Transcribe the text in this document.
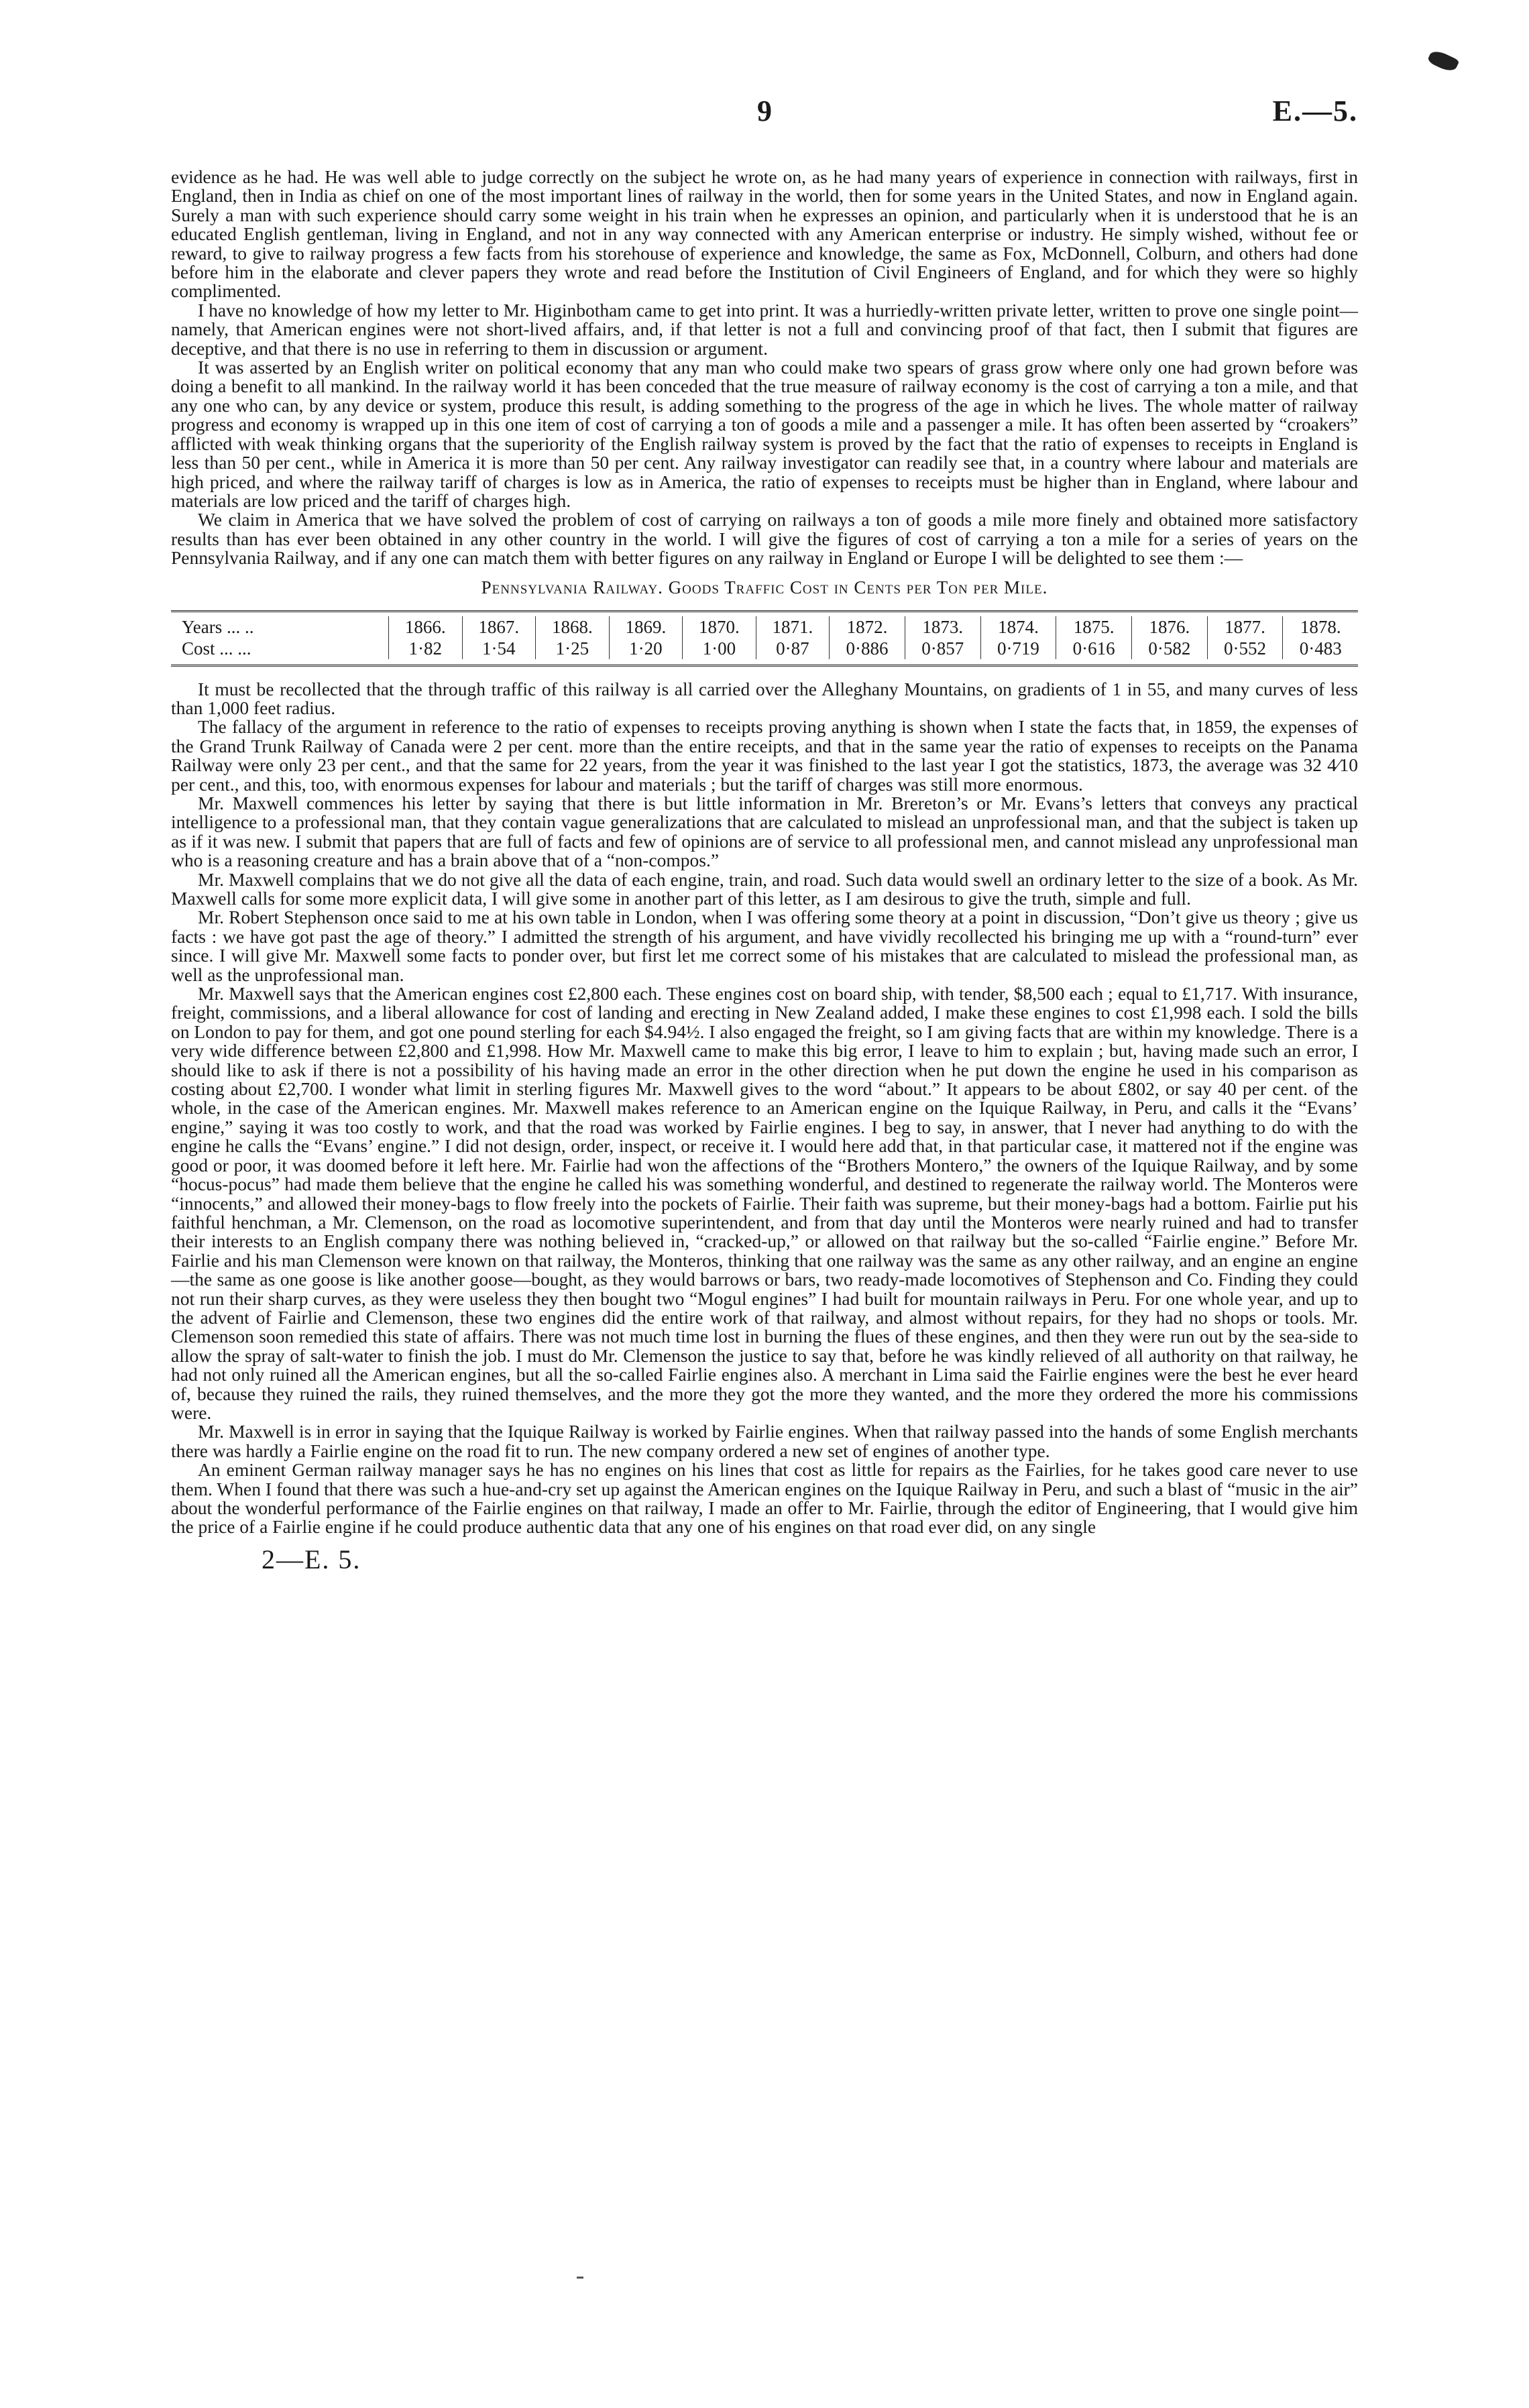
9	E.—5.

evidence as he had. He was well able to judge correctly on the subject he wrote on, as he had many years of experience in connection with railways, first in England, then in India as chief on one of the most important lines of railway in the world, then for some years in the United States, and now in England again. Surely a man with such experience should carry some weight in his train when he expresses an opinion, and particularly when it is understood that he is an educated English gentleman, living in England, and not in any way connected with any American enterprise or industry. He simply wished, without fee or reward, to give to railway progress a few facts from his storehouse of experience and knowledge, the same as Fox, McDonnell, Colburn, and others had done before him in the elaborate and clever papers they wrote and read before the Institution of Civil Engineers of England, and for which they were so highly complimented.

I have no knowledge of how my letter to Mr. Higinbotham came to get into print. It was a hurriedly-written private letter, written to prove one single point—namely, that American engines were not short-lived affairs, and, if that letter is not a full and convincing proof of that fact, then I submit that figures are deceptive, and that there is no use in referring to them in discussion or argument.

It was asserted by an English writer on political economy that any man who could make two spears of grass grow where only one had grown before was doing a benefit to all mankind. In the railway world it has been conceded that the true measure of railway economy is the cost of carrying a ton a mile, and that any one who can, by any device or system, produce this result, is adding something to the progress of the age in which he lives. The whole matter of railway progress and economy is wrapped up in this one item of cost of carrying a ton of goods a mile and a passenger a mile. It has often been asserted by “croakers” afflicted with weak thinking organs that the superiority of the English railway system is proved by the fact that the ratio of expenses to receipts in England is less than 50 per cent., while in America it is more than 50 per cent. Any railway investigator can readily see that, in a country where labour and materials are high priced, and where the railway tariff of charges is low as in America, the ratio of expenses to receipts must be higher than in England, where labour and materials are low priced and the tariff of charges high.

We claim in America that we have solved the problem of cost of carrying on railways a ton of goods a mile more finely and obtained more satisfactory results than has ever been obtained in any other country in the world. I will give the figures of cost of carrying a ton a mile for a series of years on the Pennsylvania Railway, and if any one can match them with better figures on any railway in England or Europe I will be delighted to see them :—

Pennsylvania Railway. Goods Traffic Cost in Cents per Ton per Mile.
Years ... ..	1866.	1867.	1868.	1869.	1870.	1871.	1872.	1873.	1874.	1875.	1876.	1877.	1878.
Cost ... ...	1·82	1·54	1·25	1·20	1·00	0·87	0·886	0·857	0·719	0·616	0·582	0·552	0·483

It must be recollected that the through traffic of this railway is all carried over the Alleghany Mountains, on gradients of 1 in 55, and many curves of less than 1,000 feet radius.

The fallacy of the argument in reference to the ratio of expenses to receipts proving anything is shown when I state the facts that, in 1859, the expenses of the Grand Trunk Railway of Canada were 2 per cent. more than the entire receipts, and that in the same year the ratio of expenses to receipts on the Panama Railway were only 23 per cent., and that the same for 22 years, from the year it was finished to the last year I got the statistics, 1873, the average was 32 4⁄10 per cent., and this, too, with enormous expenses for labour and materials ; but the tariff of charges was still more enormous.

Mr. Maxwell commences his letter by saying that there is but little information in Mr. Brereton’s or Mr. Evans’s letters that conveys any practical intelligence to a professional man, that they contain vague generalizations that are calculated to mislead an unprofessional man, and that the subject is taken up as if it was new. I submit that papers that are full of facts and few of opinions are of service to all professional men, and cannot mislead any unprofessional man who is a reasoning creature and has a brain above that of a “non-compos.”

Mr. Maxwell complains that we do not give all the data of each engine, train, and road. Such data would swell an ordinary letter to the size of a book. As Mr. Maxwell calls for some more explicit data, I will give some in another part of this letter, as I am desirous to give the truth, simple and full.

Mr. Robert Stephenson once said to me at his own table in London, when I was offering some theory at a point in discussion, “Don’t give us theory ; give us facts : we have got past the age of theory.” I admitted the strength of his argument, and have vividly recollected his bringing me up with a “round-turn” ever since. I will give Mr. Maxwell some facts to ponder over, but first let me correct some of his mistakes that are calculated to mislead the professional man, as well as the unprofessional man.

Mr. Maxwell says that the American engines cost £2,800 each. These engines cost on board ship, with tender, $8,500 each ; equal to £1,717. With insurance, freight, commissions, and a liberal allowance for cost of landing and erecting in New Zealand added, I make these engines to cost £1,998 each. I sold the bills on London to pay for them, and got one pound sterling for each $4.94½. I also engaged the freight, so I am giving facts that are within my knowledge. There is a very wide difference between £2,800 and £1,998. How Mr. Maxwell came to make this big error, I leave to him to explain ; but, having made such an error, I should like to ask if there is not a possibility of his having made an error in the other direction when he put down the engine he used in his comparison as costing about £2,700. I wonder what limit in sterling figures Mr. Maxwell gives to the word “about.” It appears to be about £802, or say 40 per cent. of the whole, in the case of the American engines. Mr. Maxwell makes reference to an American engine on the Iquique Railway, in Peru, and calls it the “Evans’ engine,” saying it was too costly to work, and that the road was worked by Fairlie engines. I beg to say, in answer, that I never had anything to do with the engine he calls the “Evans’ engine.” I did not design, order, inspect, or receive it. I would here add that, in that particular case, it mattered not if the engine was good or poor, it was doomed before it left here. Mr. Fairlie had won the affections of the “Brothers Montero,” the owners of the Iquique Railway, and by some “hocus-pocus” had made them believe that the engine he called his was something wonderful, and destined to regenerate the railway world. The Monteros were “innocents,” and allowed their money-bags to flow freely into the pockets of Fairlie. Their faith was supreme, but their money-bags had a bottom. Fairlie put his faithful henchman, a Mr. Clemenson, on the road as locomotive superintendent, and from that day until the Monteros were nearly ruined and had to transfer their interests to an English company there was nothing believed in, “cracked-up,” or allowed on that railway but the so-called “Fairlie engine.” Before Mr. Fairlie and his man Clemenson were known on that railway, the Monteros, thinking that one railway was the same as any other railway, and an engine an engine—the same as one goose is like another goose—bought, as they would barrows or bars, two ready-made locomotives of Stephenson and Co. Finding they could not run their sharp curves, as they were useless they then bought two “Mogul engines” I had built for mountain railways in Peru. For one whole year, and up to the advent of Fairlie and Clemenson, these two engines did the entire work of that railway, and almost without repairs, for they had no shops or tools. Mr. Clemenson soon remedied this state of affairs. There was not much time lost in burning the flues of these engines, and then they were run out by the sea-side to allow the spray of salt-water to finish the job. I must do Mr. Clemenson the justice to say that, before he was kindly relieved of all authority on that railway, he had not only ruined all the American engines, but all the so-called Fairlie engines also. A merchant in Lima said the Fairlie engines were the best he ever heard of, because they ruined the rails, they ruined themselves, and the more they got the more they wanted, and the more they ordered the more his commissions were.

Mr. Maxwell is in error in saying that the Iquique Railway is worked by Fairlie engines. When that railway passed into the hands of some English merchants there was hardly a Fairlie engine on the road fit to run. The new company ordered a new set of engines of another type.

An eminent German railway manager says he has no engines on his lines that cost as little for repairs as the Fairlies, for he takes good care never to use them. When I found that there was such a hue-and-cry set up against the American engines on the Iquique Railway in Peru, and such a blast of “music in the air” about the wonderful performance of the Fairlie engines on that railway, I made an offer to Mr. Fairlie, through the editor of Engineering, that I would give him the price of a Fairlie engine if he could produce authentic data that any one of his engines on that road ever did, on any single

2—E. 5.
